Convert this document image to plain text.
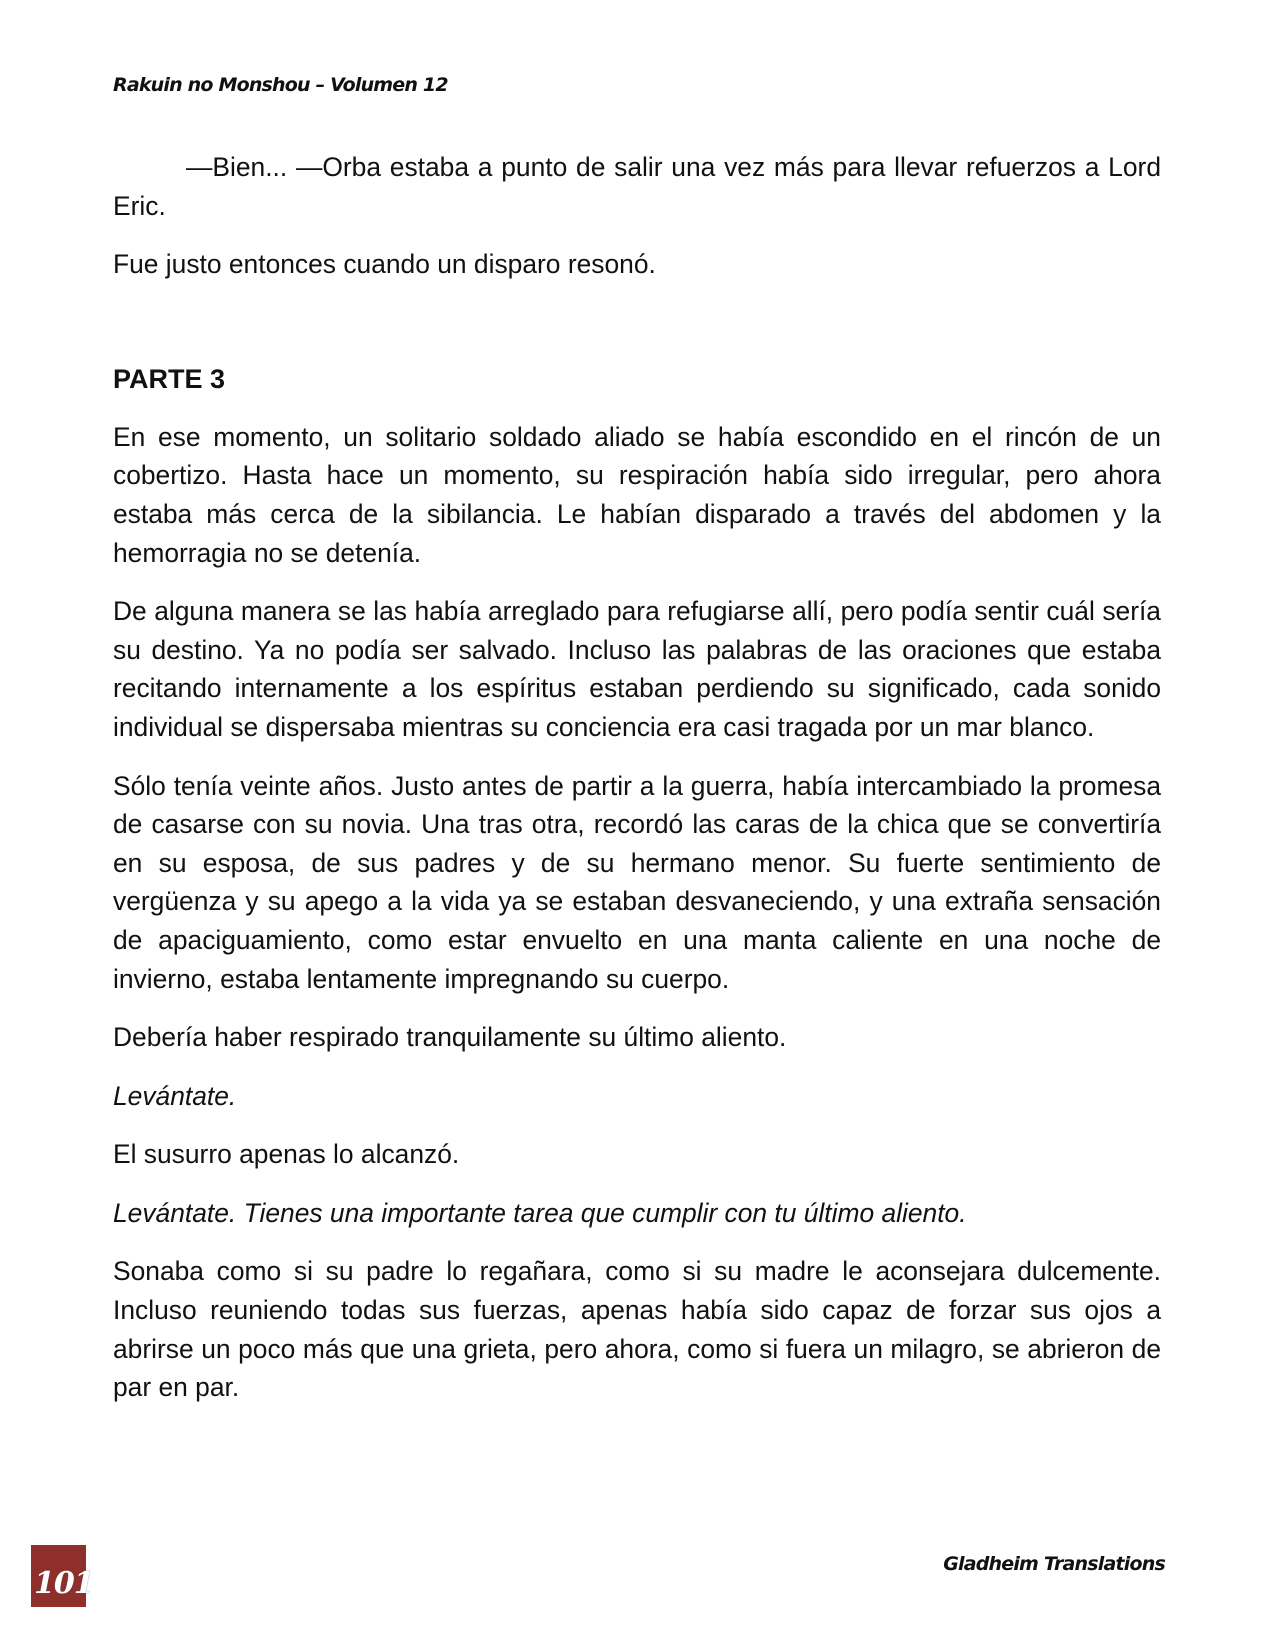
Rakuin no Monshou – Volumen 12

—Bien... —Orba estaba a punto de salir una vez más para llevar refuerzos a Lord Eric.

Fue justo entonces cuando un disparo resonó.

PARTE 3

En ese momento, un solitario soldado aliado se había escondido en el rincón de un cobertizo. Hasta hace un momento, su respiración había sido irregular, pero ahora estaba más cerca de la sibilancia. Le habían disparado a través del abdomen y la hemorragia no se detenía.

De alguna manera se las había arreglado para refugiarse allí, pero podía sentir cuál sería su destino. Ya no podía ser salvado. Incluso las palabras de las oraciones que estaba recitando internamente a los espíritus estaban perdiendo su significado, cada sonido individual se dispersaba mientras su conciencia era casi tragada por un mar blanco.

Sólo tenía veinte años. Justo antes de partir a la guerra, había intercambiado la promesa de casarse con su novia. Una tras otra, recordó las caras de la chica que se convertiría en su esposa, de sus padres y de su hermano menor. Su fuerte sentimiento de vergüenza y su apego a la vida ya se estaban desvaneciendo, y una extraña sensación de apaciguamiento, como estar envuelto en una manta caliente en una noche de invierno, estaba lentamente impregnando su cuerpo.

Debería haber respirado tranquilamente su último aliento.

Levántate.

El susurro apenas lo alcanzó.

Levántate. Tienes una importante tarea que cumplir con tu último aliento.

Sonaba como si su padre lo regañara, como si su madre le aconsejara dulcemente. Incluso reuniendo todas sus fuerzas, apenas había sido capaz de forzar sus ojos a abrirse un poco más que una grieta, pero ahora, como si fuera un milagro, se abrieron de par en par.

101
Gladheim Translations
